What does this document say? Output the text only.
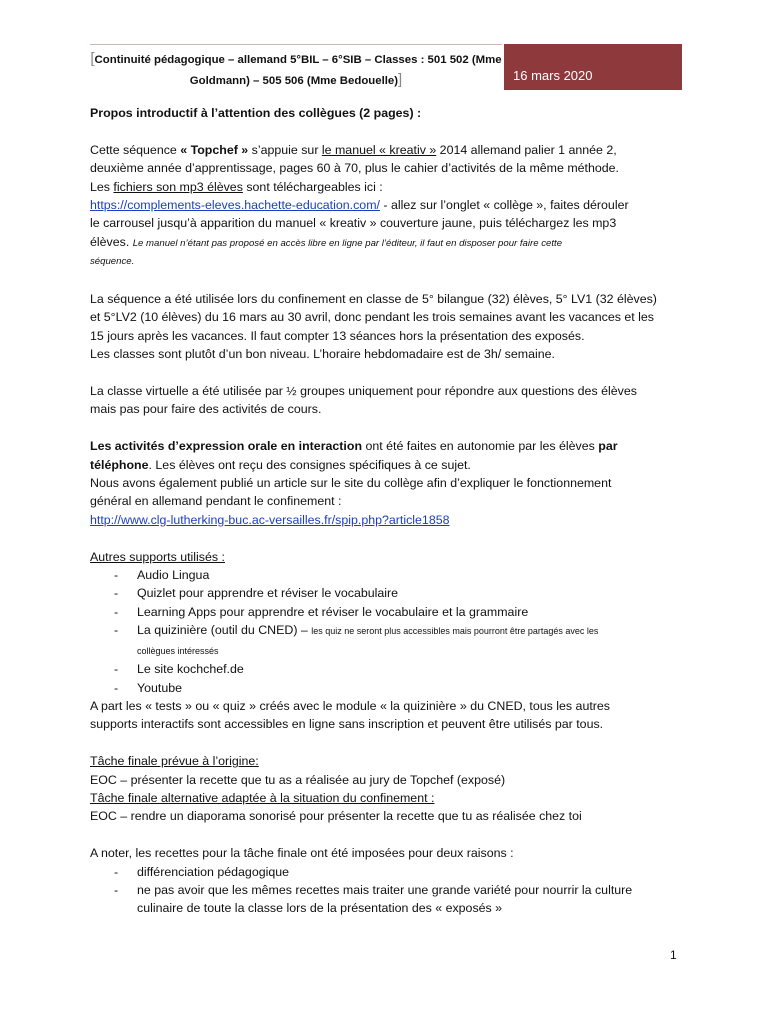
[Continuité pédagogique – allemand 5°BIL – 6°SIB – Classes : 501 502 (Mme
Goldmann) – 505 506 (Mme Bedouelle)]	16 mars 2020

Propos introductif à l’attention des collègues (2 pages) :

Cette séquence « Topchef » s’appuie sur le manuel « kreativ » 2014 allemand palier 1 année 2,

deuxième année d’apprentissage, pages 60 à 70, plus le cahier d’activités de la même méthode.

Les fichiers son mp3 élèves sont téléchargeables ici :

https://complements-eleves.hachette-education.com/ - allez sur l’onglet « collège », faites dérouler

le carrousel jusqu’à apparition du manuel « kreativ » couverture jaune, puis téléchargez les mp3

élèves. Le manuel n’étant pas proposé en accès libre en ligne par l’éditeur, il faut en disposer pour faire cette

séquence.

La séquence a été utilisée lors du confinement en classe de 5° bilangue (32) élèves, 5° LV1 (32 élèves)

et 5°LV2 (10 élèves) du 16 mars au 30 avril, donc pendant les trois semaines avant les vacances et les

15 jours après les vacances. Il faut compter 13 séances hors la présentation des exposés.

Les classes sont plutôt d’un bon niveau. L’horaire hebdomadaire est de 3h/ semaine.

La classe virtuelle a été utilisée par ½ groupes uniquement pour répondre aux questions des élèves

mais pas pour faire des activités de cours.

Les activités d’expression orale en interaction ont été faites en autonomie par les élèves par

téléphone. Les élèves ont reçu des consignes spécifiques à ce sujet.

Nous avons également publié un article sur le site du collège afin d’expliquer le fonctionnement

général en allemand pendant le confinement :

http://www.clg-lutherking-buc.ac-versailles.fr/spip.php?article1858

Autres supports utilisés :

- Audio Lingua
- Quizlet pour apprendre et réviser le vocabulaire
- Learning Apps pour apprendre et réviser le vocabulaire et la grammaire
- La quizinière (outil du CNED) – les quiz ne seront plus accessibles mais pourront être partagés avec les
collègues intéressés
- Le site kochchef.de
- Youtube

A part les « tests » ou « quiz » créés avec le module « la quizinière » du CNED, tous les autres

supports interactifs sont accessibles en ligne sans inscription et peuvent être utilisés par tous.

Tâche finale prévue à l’origine:

EOC – présenter la recette que tu as a réalisée au jury de Topchef (exposé)

Tâche finale alternative adaptée à la situation du confinement :

EOC – rendre un diaporama sonorisé pour présenter la recette que tu as réalisée chez toi

A noter, les recettes pour la tâche finale ont été imposées pour deux raisons :

- différenciation pédagogique
- ne pas avoir que les mêmes recettes mais traiter une grande variété pour nourrir la culture
culinaire de toute la classe lors de la présentation des « exposés »
1
